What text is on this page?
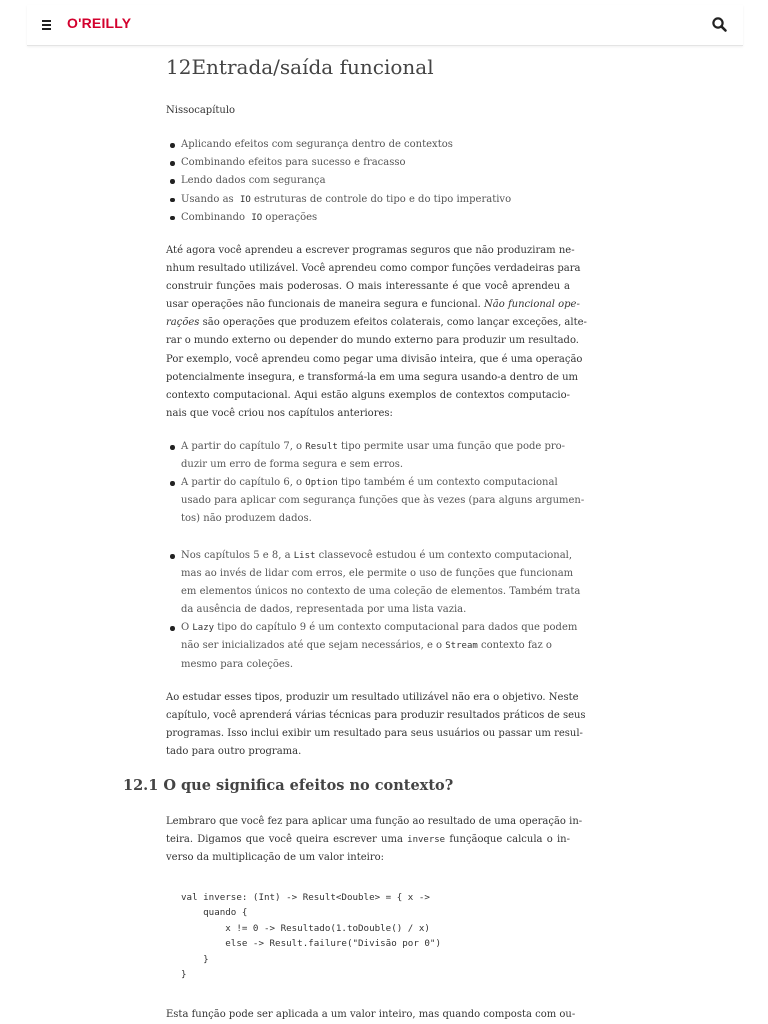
O'REILLY
12Entrada/saída funcional
Nissocapítulo
Aplicando efeitos com segurança dentro de contextos
Combinando efeitos para sucesso e fracasso
Lendo dados com segurança
Usando as IO estruturas de controle do tipo e do tipo imperativo
Combinando IO operações
Até agora você aprendeu a escrever programas seguros que não produziram ne-
nhum resultado utilizável. Você aprendeu como compor funções verdadeiras para
construir funções mais poderosas. O mais interessante é que você aprendeu a
usar operações não funcionais de maneira segura e funcional. Não funcional ope-
rações são operações que produzem efeitos colaterais, como lançar exceções, alte-
rar o mundo externo ou depender do mundo externo para produzir um resultado.
Por exemplo, você aprendeu como pegar uma divisão inteira, que é uma operação
potencialmente insegura, e transformá-la em uma segura usando-a dentro de um
contexto computacional. Aqui estão alguns exemplos de contextos computacio-
nais que você criou nos capítulos anteriores:
A partir do capítulo 7, o Result tipo permite usar uma função que pode pro-
duzir um erro de forma segura e sem erros.
A partir do capítulo 6, o Option tipo também é um contexto computacional
usado para aplicar com segurança funções que às vezes (para alguns argumen-
tos) não produzem dados.
Nos capítulos 5 e 8, a List classevocê estudou é um contexto computacional,
mas ao invés de lidar com erros, ele permite o uso de funções que funcionam
em elementos únicos no contexto de uma coleção de elementos. Também trata
da ausência de dados, representada por uma lista vazia.
O Lazy tipo do capítulo 9 é um contexto computacional para dados que podem
não ser inicializados até que sejam necessários, e o Stream contexto faz o
mesmo para coleções.
Ao estudar esses tipos, produzir um resultado utilizável não era o objetivo. Neste
capítulo, você aprenderá várias técnicas para produzir resultados práticos de seus
programas. Isso inclui exibir um resultado para seus usuários ou passar um resul-
tado para outro programa.
12.1 O que significa efeitos no contexto?
Lembraro que você fez para aplicar uma função ao resultado de uma operação in-
teira. Digamos que você queira escrever uma inverse funçãoque calcula o in-
verso da multiplicação de um valor inteiro:
val inverse: (Int) -> Result<Double> = { x ->
quando {
x != 0 -> Resultado(1.toDouble() / x)
else -> Result.failure("Divisão por 0")
}
}
Esta função pode ser aplicada a um valor inteiro, mas quando composta com ou-
